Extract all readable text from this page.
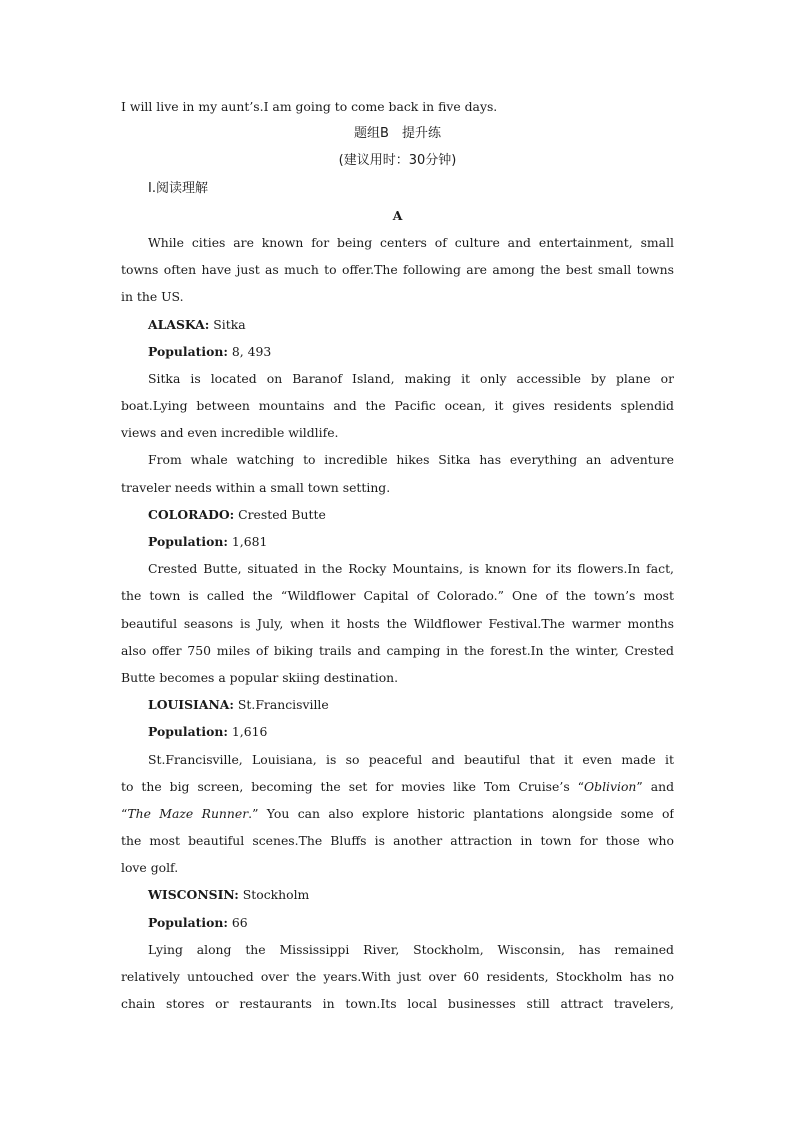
I will live in my aunt’s.I am going to come back in five days.
题组B　提升练
(建议用时：30分钟)
Ⅰ.阅读理解
A
While cities are known for being centers of culture and entertainment, small
towns often have just as much to offer.The following are among the best small towns
in the US.
ALASKA: Sitka
Population: 8, 493
Sitka is located on Baranof Island, making it only accessible by plane or
boat.Lying between mountains and the Pacific ocean, it gives residents splendid
views and even incredible wildlife.
From whale watching to incredible hikes Sitka has everything an adventure
traveler needs within a small town setting.
COLORADO: Crested Butte
Population: 1,681
Crested Butte, situated in the Rocky Mountains, is known for its flowers.In fact,
the town is called the “Wildflower Capital of Colorado.” One of the town’s most
beautiful seasons is July, when it hosts the Wildflower Festival.The warmer months
also offer 750 miles of biking trails and camping in the forest.In the winter, Crested
Butte becomes a popular skiing destination.
LOUISIANA: St.Francisville
Population: 1,616
St.Francisville, Louisiana, is so peaceful and beautiful that it even made it
to the big screen, becoming the set for movies like Tom Cruise’s “Oblivion” and
“The Maze Runner.” You can also explore historic plantations alongside some of
the most beautiful scenes.The Bluffs is another attraction in town for those who
love golf.
WISCONSIN: Stockholm
Population: 66
Lying along the Mississippi River, Stockholm, Wisconsin, has remained
relatively untouched over the years.With just over 60 residents, Stockholm has no
chain stores or restaurants in town.Its local businesses still attract travelers,
